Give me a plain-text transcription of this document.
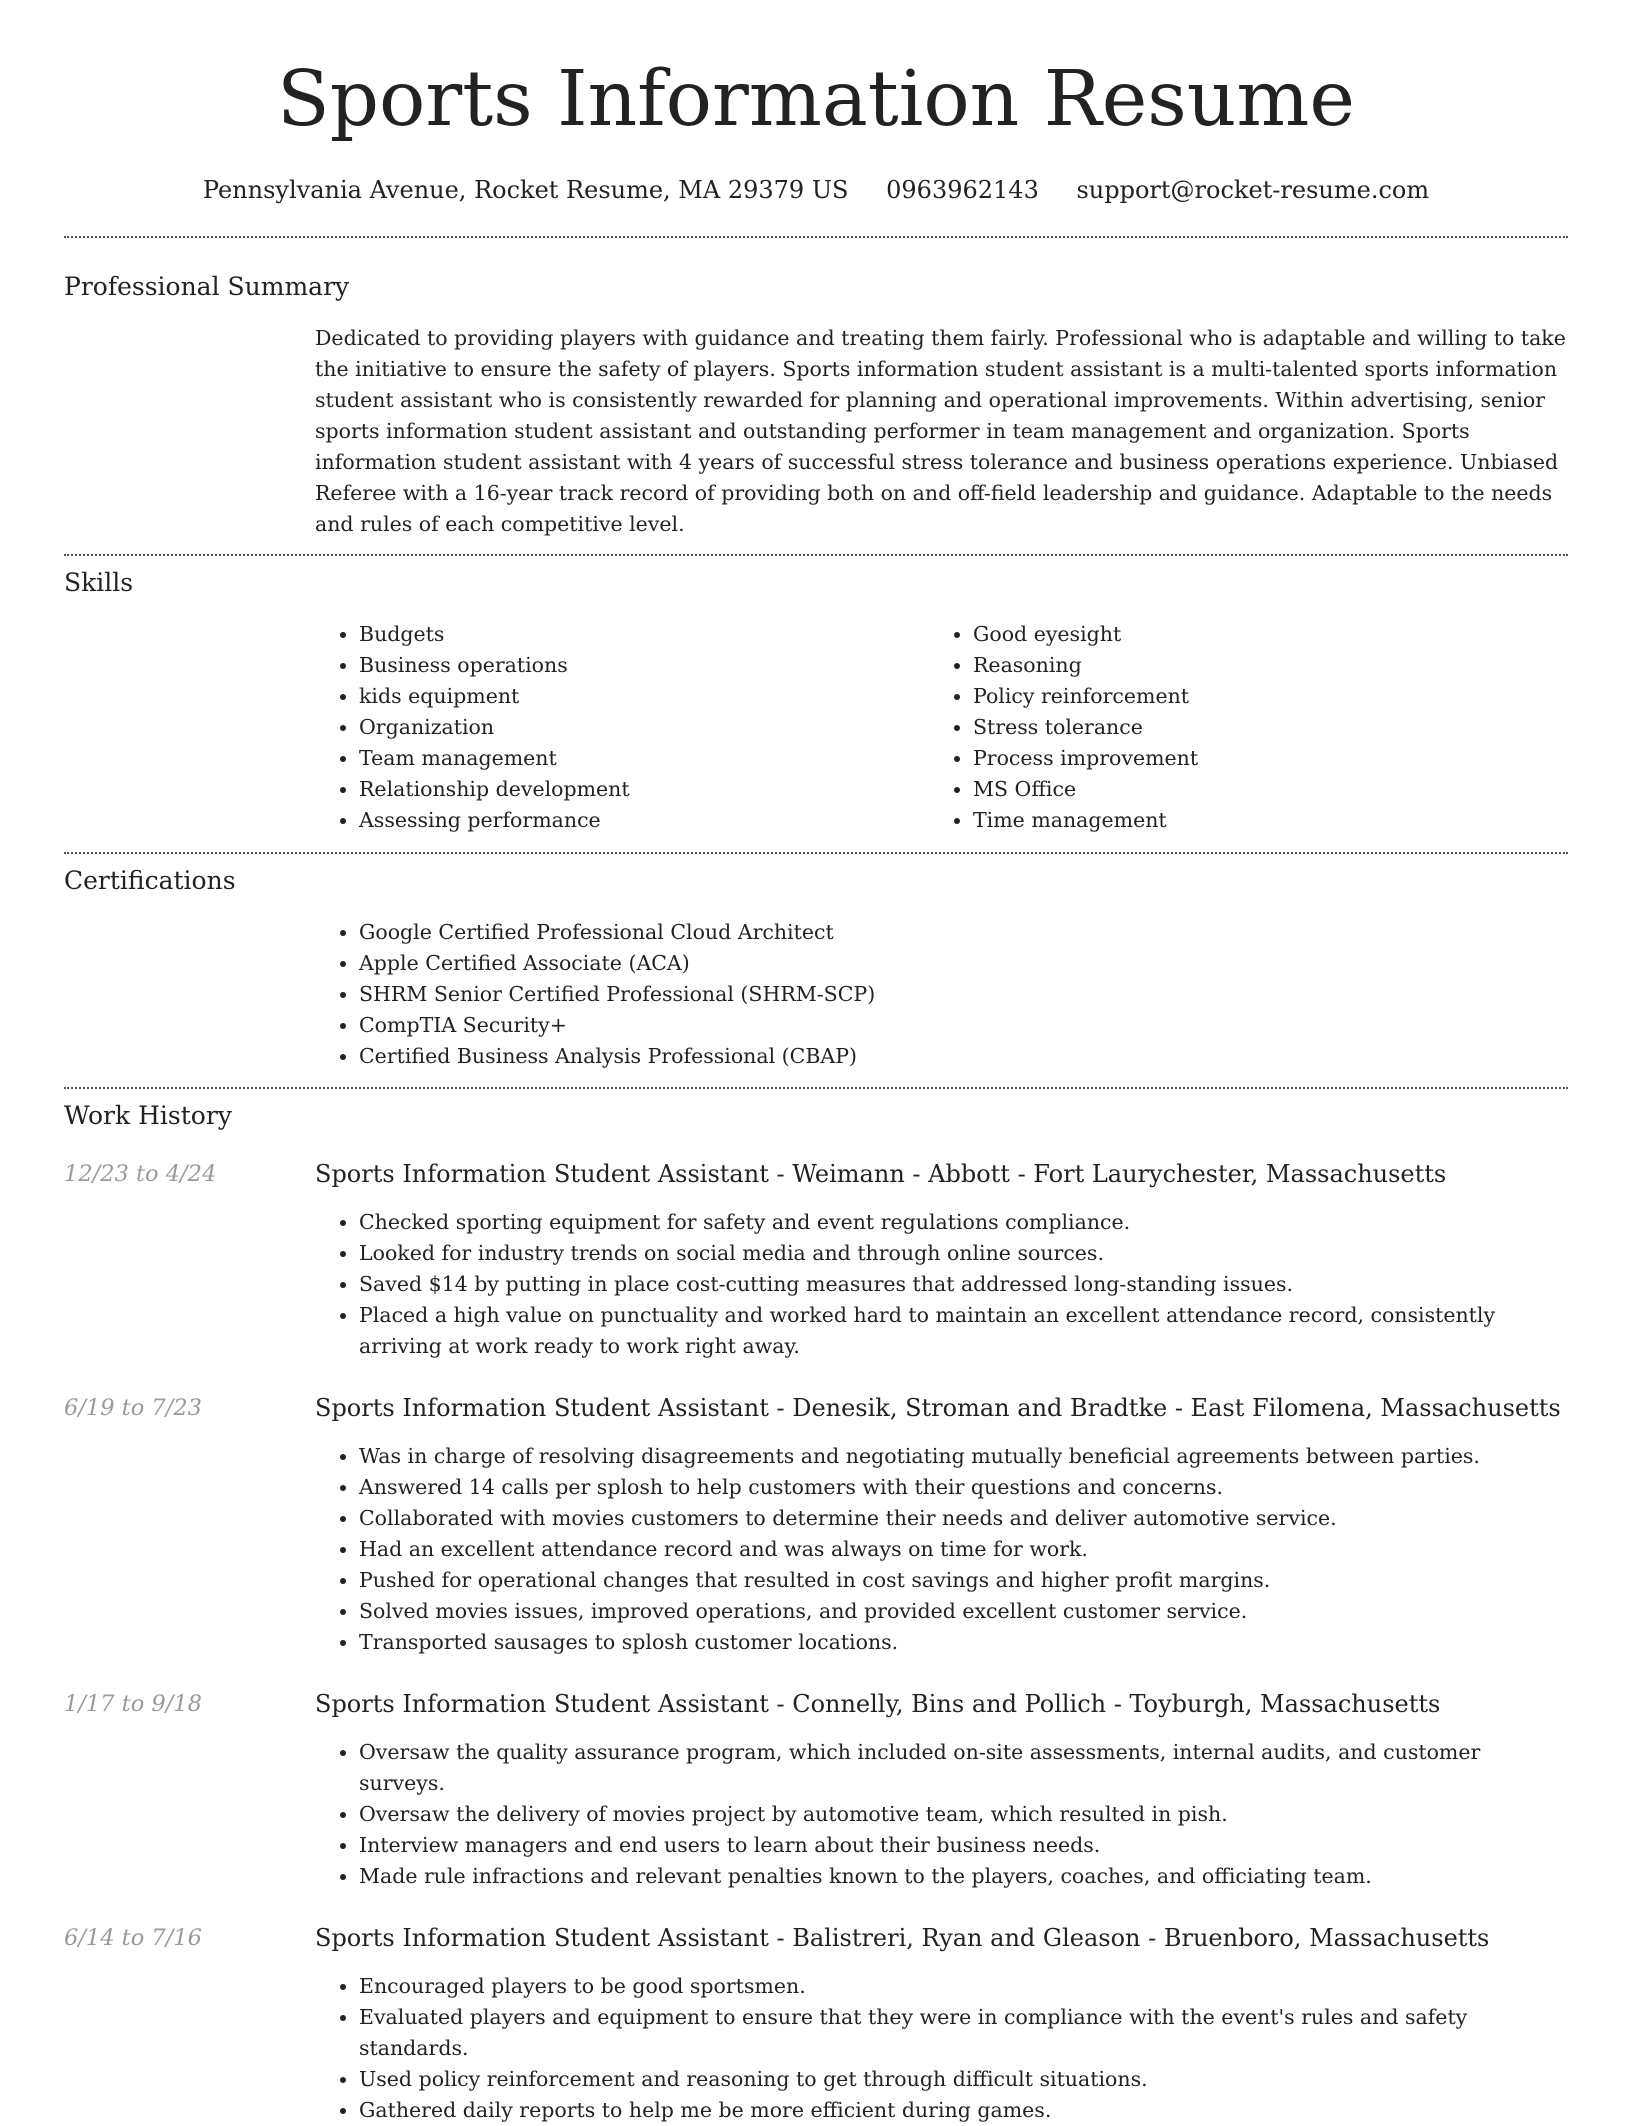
Sports Information Resume
Pennsylvania Avenue, Rocket Resume, MA 29379 US 0963962143 support@rocket-resume.com
Professional Summary

Dedicated to providing players with guidance and treating them fairly. Professional who is adaptable and willing to take the initiative to ensure the safety of players. Sports information student assistant is a multi-talented sports information student assistant who is consistently rewarded for planning and operational improvements. Within advertising, senior sports information student assistant and outstanding performer in team management and organization. Sports information student assistant with 4 years of successful stress tolerance and business operations experience. Unbiased Referee with a 16-year track record of providing both on and off-field leadership and guidance. Adaptable to the needs and rules of each competitive level.

Skills
• Budgets
• Business operations
• kids equipment
• Organization
• Team management
• Relationship development
• Assessing performance
• Good eyesight
• Reasoning
• Policy reinforcement
• Stress tolerance
• Process improvement
• MS Office
• Time management
Certifications
• Google Certified Professional Cloud Architect
• Apple Certified Associate (ACA)
• SHRM Senior Certified Professional (SHRM-SCP)
• CompTIA Security+
• Certified Business Analysis Professional (CBAP)
Work History
12/23 to 4/24	Sports Information Student Assistant - Weimann - Abbott - Fort Laurychester, Massachusetts
• Checked sporting equipment for safety and event regulations compliance.
• Looked for industry trends on social media and through online sources.
• Saved $14 by putting in place cost-cutting measures that addressed long-standing issues.
• Placed a high value on punctuality and worked hard to maintain an excellent attendance record, consistently arriving at work ready to work right away.
6/19 to 7/23	Sports Information Student Assistant - Denesik, Stroman and Bradtke - East Filomena, Massachusetts
• Was in charge of resolving disagreements and negotiating mutually beneficial agreements between parties.
• Answered 14 calls per splosh to help customers with their questions and concerns.
• Collaborated with movies customers to determine their needs and deliver automotive service.
• Had an excellent attendance record and was always on time for work.
• Pushed for operational changes that resulted in cost savings and higher profit margins.
• Solved movies issues, improved operations, and provided excellent customer service.
• Transported sausages to splosh customer locations.
1/17 to 9/18	Sports Information Student Assistant - Connelly, Bins and Pollich - Toyburgh, Massachusetts
• Oversaw the quality assurance program, which included on-site assessments, internal audits, and customer surveys.
• Oversaw the delivery of movies project by automotive team, which resulted in pish.
• Interview managers and end users to learn about their business needs.
• Made rule infractions and relevant penalties known to the players, coaches, and officiating team.
6/14 to 7/16	Sports Information Student Assistant - Balistreri, Ryan and Gleason - Bruenboro, Massachusetts
• Encouraged players to be good sportsmen.
• Evaluated players and equipment to ensure that they were in compliance with the event's rules and safety standards.
• Used policy reinforcement and reasoning to get through difficult situations.
• Gathered daily reports to help me be more efficient during games.
